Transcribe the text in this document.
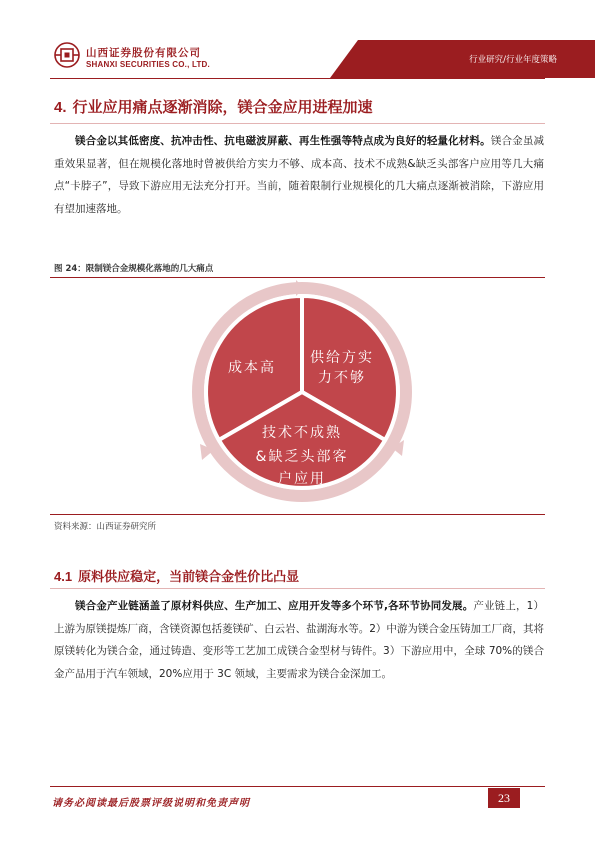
山西证券股份有限公司
SHANXI SECURITIES CO., LTD.	行业研究/行业年度策略
4. 行业应用痛点逐渐消除，镁合金应用进程加速

镁合金以其低密度、抗冲击性、抗电磁波屏蔽、再生性强等特点成为良好的轻量化材料。镁合金虽减重效果显著，但在规模化落地时曾被供给方实力不够、成本高、技术不成熟&缺乏头部客户应用等几大痛点“卡脖子”，导致下游应用无法充分打开。当前，随着限制行业规模化的几大痛点逐渐被消除，下游应用有望加速落地。

图 24：限制镁合金规模化落地的几大痛点
成本高
供给方实
力不够
技术不成熟
&缺乏头部客
户应用
资料来源：山西证券研究所
4.1 原料供应稳定，当前镁合金性价比凸显

镁合金产业链涵盖了原材料供应、生产加工、应用开发等多个环节,各环节协同发展。产业链上，1）上游为原镁提炼厂商，含镁资源包括菱镁矿、白云岩、盐湖海水等。2）中游为镁合金压铸加工厂商，其将原镁转化为镁合金，通过铸造、变形等工艺加工成镁合金型材与铸件。3）下游应用中，全球 70%的镁合金产品用于汽车领域，20%应用于 3C 领域，主要需求为镁合金深加工。

请务必阅读最后股票评级说明和免责声明	23
